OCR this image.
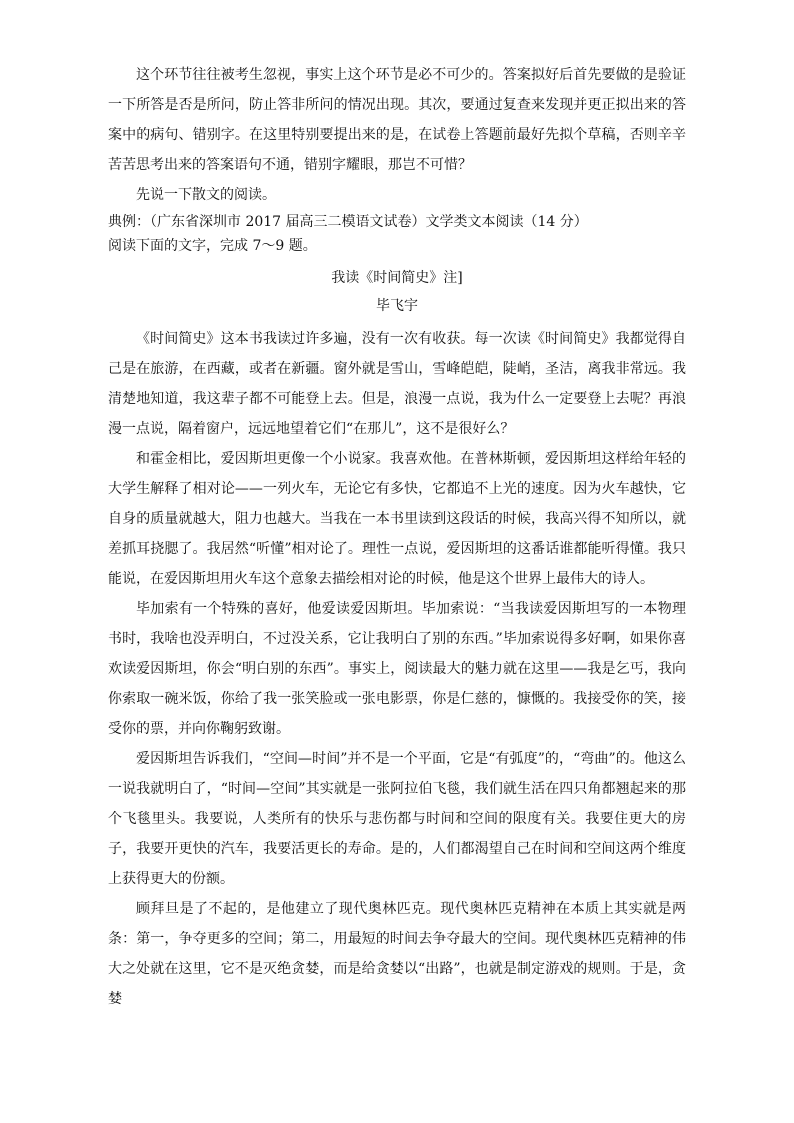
这个环节往往被考生忽视，事实上这个环节是必不可少的。答案拟好后首先要做的是验证一下所答是否是所问，防止答非所问的情况出现。其次，要通过复查来发现并更正拟出来的答案中的病句、错别字。在这里特别要提出来的是，在试卷上答题前最好先拟个草稿，否则辛辛苦苦思考出来的答案语句不通，错别字耀眼，那岂不可惜？

先说一下散文的阅读。

典例：（广东省深圳市 2017 届高三二模语文试卷）文学类文本阅读（14 分）

阅读下面的文字，完成 7～9 题。

我读《时间简史》注]

毕飞宇

《时间简史》这本书我读过许多遍，没有一次有收获。每一次读《时间简史》我都觉得自己是在旅游，在西藏，或者在新疆。窗外就是雪山，雪峰皑皑，陡峭，圣洁，离我非常远。我清楚地知道，我这辈子都不可能登上去。但是，浪漫一点说，我为什么一定要登上去呢？再浪漫一点说，隔着窗户，远远地望着它们“在那儿”，这不是很好么？

和霍金相比，爱因斯坦更像一个小说家。我喜欢他。在普林斯顿，爱因斯坦这样给年轻的大学生解释了相对论——一列火车，无论它有多快，它都追不上光的速度。因为火车越快，它自身的质量就越大，阻力也越大。当我在一本书里读到这段话的时候，我高兴得不知所以，就差抓耳挠腮了。我居然“听懂”相对论了。理性一点说，爱因斯坦的这番话谁都能听得懂。我只能说，在爱因斯坦用火车这个意象去描绘相对论的时候，他是这个世界上最伟大的诗人。

毕加索有一个特殊的喜好，他爱读爱因斯坦。毕加索说：“当我读爱因斯坦写的一本物理书时，我啥也没弄明白，不过没关系，它让我明白了别的东西。”毕加索说得多好啊，如果你喜欢读爱因斯坦，你会“明白别的东西”。事实上，阅读最大的魅力就在这里——我是乞丐，我向你索取一碗米饭，你给了我一张笑脸或一张电影票，你是仁慈的，慷慨的。我接受你的笑，接受你的票，并向你鞠躬致谢。

爱因斯坦告诉我们，“空间—时间”并不是一个平面，它是“有弧度”的，“弯曲”的。他这么一说我就明白了，“时间—空间”其实就是一张阿拉伯飞毯，我们就生活在四只角都翘起来的那个飞毯里头。我要说，人类所有的快乐与悲伤都与时间和空间的限度有关。我要住更大的房子，我要开更快的汽车，我要活更长的寿命。是的，人们都渴望自己在时间和空间这两个维度上获得更大的份额。

顾拜旦是了不起的，是他建立了现代奥林匹克。现代奥林匹克精神在本质上其实就是两条：第一，争夺更多的空间；第二，用最短的时间去争夺最大的空间。现代奥林匹克精神的伟大之处就在这里，它不是灭绝贪婪，而是给贪婪以“出路”，也就是制定游戏的规则。于是，贪婪
